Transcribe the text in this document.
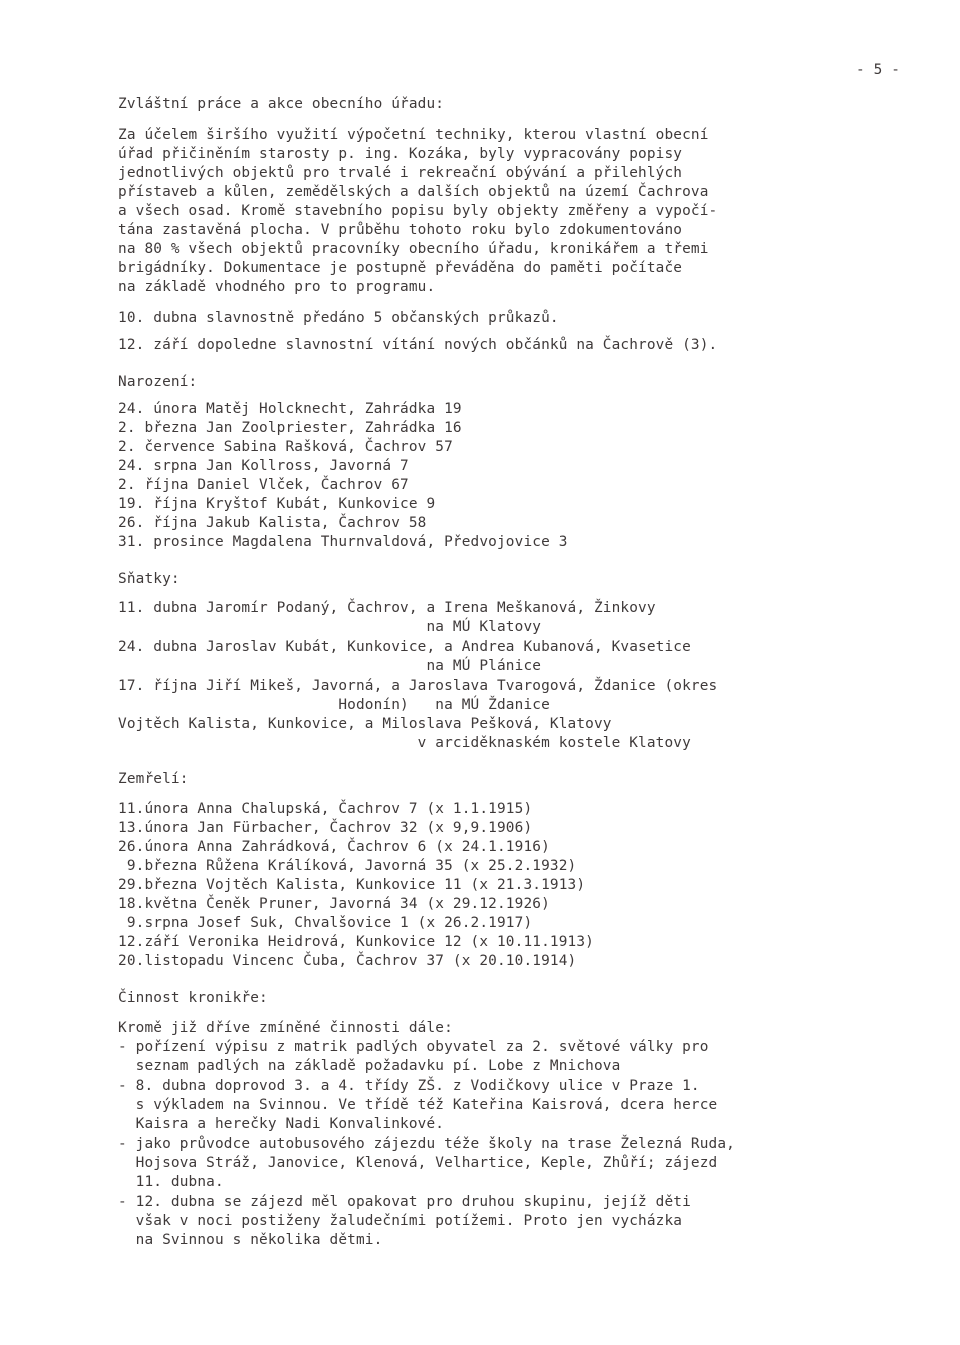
- 5 -
Zvláštní práce a akce obecního úřadu:
Za účelem širšího využití výpočetní techniky, kterou vlastní obecní
úřad přičiněním starosty p. ing. Kozáka, byly vypracovány popisy
jednotlivých objektů pro trvalé i rekreační obývání a přilehlých
přístaveb a kůlen, zemědělských a dalších objektů na území Čachrova
a všech osad. Kromě stavebního popisu byly objekty změřeny a vypočí-
tána zastavěná plocha. V průběhu tohoto roku bylo zdokumentováno
na 80 % všech objektů pracovníky obecního úřadu, kronikářem a třemi
brigádníky. Dokumentace je postupně převáděna do paměti počítače
na základě vhodného pro to programu.
10. dubna slavnostně předáno 5 občanských průkazů.
12. září dopoledne slavnostní vítání nových občánků na Čachrově (3).
Narození:
24. února Matěj Holcknecht, Zahrádka 19
2. března Jan Zoolpriester, Zahrádka 16
2. července Sabina Rašková, Čachrov 57
24. srpna Jan Kollross, Javorná 7
2. října Daniel Vlček, Čachrov 67
19. října Kryštof Kubát, Kunkovice 9
26. října Jakub Kalista, Čachrov 58
31. prosince Magdalena Thurnvaldová, Předvojovice 3
Sňatky:
11. dubna Jaromír Podaný, Čachrov, a Irena Meškanová, Žinkovy
na MÚ Klatovy
24. dubna Jaroslav Kubát, Kunkovice, a Andrea Kubanová, Kvasetice
na MÚ Plánice
17. října Jiří Mikeš, Javorná, a Jaroslava Tvarogová, Ždanice (okres
Hodonín)   na MÚ Ždanice
Vojtěch Kalista, Kunkovice, a Miloslava Pešková, Klatovy
v arciděknaském kostele Klatovy
Zemřelí:
11.února Anna Chalupská, Čachrov 7 (x 1.1.1915)
13.února Jan Fürbacher, Čachrov 32 (x 9,9.1906)
26.února Anna Zahrádková, Čachrov 6 (x 24.1.1916)
9.března Růžena Králíková, Javorná 35 (x 25.2.1932)
29.března Vojtěch Kalista, Kunkovice 11 (x 21.3.1913)
18.května Čeněk Pruner, Javorná 34 (x 29.12.1926)
9.srpna Josef Suk, Chvalšovice 1 (x 26.2.1917)
12.září Veronika Heidrová, Kunkovice 12 (x 10.11.1913)
20.listopadu Vincenc Čuba, Čachrov 37 (x 20.10.1914)
Činnost kronikře:
Kromě již dříve zmíněné činnosti dále:
- pořízení výpisu z matrik padlých obyvatel za 2. světové války pro
seznam padlých na základě požadavku pí. Lobe z Mnichova
- 8. dubna doprovod 3. a 4. třídy ZŠ. z Vodičkovy ulice v Praze 1.
s výkladem na Svinnou. Ve třídě též Kateřina Kaisrová, dcera herce
Kaisra a herečky Nadi Konvalinkové.
- jako průvodce autobusového zájezdu téže školy na trase Železná Ruda,
Hojsova Stráž, Janovice, Klenová, Velhartice, Keple, Zhůří; zájezd
11. dubna.
- 12. dubna se zájezd měl opakovat pro druhou skupinu, jejíž děti
však v noci postiženy žaludečními potížemi. Proto jen vycházka
na Svinnou s několika dětmi.
